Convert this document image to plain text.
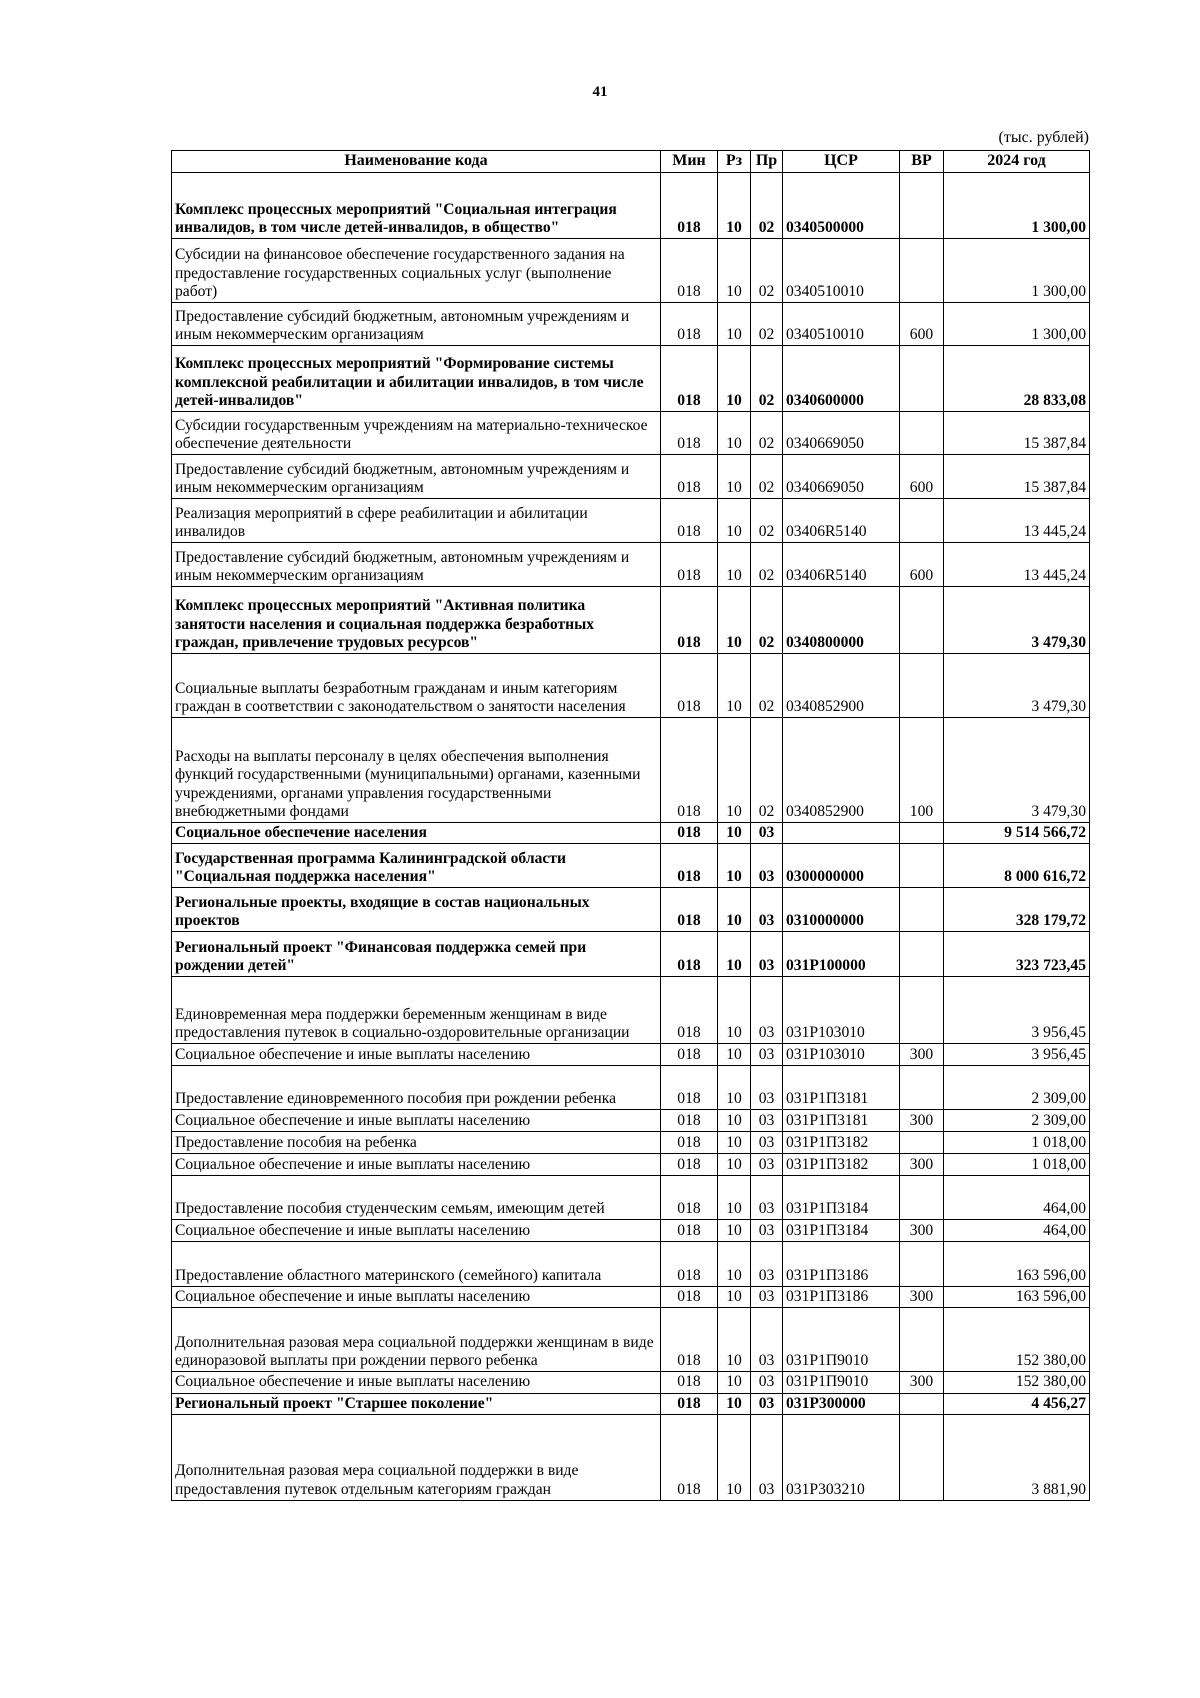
41
(тыс. рублей)
Наименование кода	Мин	Рз	Пр	ЦСР	ВР	2024 год
Комплекс процессных мероприятий "Социальная интеграция инвалидов, в том числе детей-инвалидов, в общество"	018	10	02	0340500000		1 300,00
Субсидии на финансовое обеспечение государственного задания на предоставление государственных социальных услуг (выполнение работ)	018	10	02	0340510010		1 300,00
Предоставление субсидий бюджетным, автономным учреждениям и иным некоммерческим организациям	018	10	02	0340510010	600	1 300,00
Комплекс процессных мероприятий "Формирование системы комплексной реабилитации и абилитации инвалидов, в том числе детей-инвалидов"	018	10	02	0340600000		28 833,08
Субсидии государственным учреждениям на материально-техническое обеспечение деятельности	018	10	02	0340669050		15 387,84
Предоставление субсидий бюджетным, автономным учреждениям и иным некоммерческим организациям	018	10	02	0340669050	600	15 387,84
Реализация мероприятий в сфере реабилитации и абилитации инвалидов	018	10	02	03406R5140		13 445,24
Предоставление субсидий бюджетным, автономным учреждениям и иным некоммерческим организациям	018	10	02	03406R5140	600	13 445,24
Комплекс процессных мероприятий "Активная политика занятости населения и социальная поддержка безработных граждан, привлечение трудовых ресурсов"	018	10	02	0340800000		3 479,30
Социальные выплаты безработным гражданам и иным категориям граждан в соответствии с законодательством о занятости населения	018	10	02	0340852900		3 479,30
Расходы на выплаты персоналу в целях обеспечения выполнения функций государственными (муниципальными) органами, казенными учреждениями, органами управления государственными внебюджетными фондами	018	10	02	0340852900	100	3 479,30
Социальное обеспечение населения	018	10	03			9 514 566,72
Государственная программа Калининградской области "Социальная поддержка населения"	018	10	03	0300000000		8 000 616,72
Региональные проекты, входящие в состав национальных проектов	018	10	03	0310000000		328 179,72
Региональный проект "Финансовая поддержка семей при рождении детей"	018	10	03	031P100000		323 723,45
Единовременная мера поддержки беременным женщинам в виде предоставления путевок в социально-оздоровительные организации	018	10	03	031P103010		3 956,45
Социальное обеспечение и иные выплаты населению	018	10	03	031P103010	300	3 956,45
Предоставление единовременного пособия при рождении ребенка	018	10	03	031P1П3181		2 309,00
Социальное обеспечение и иные выплаты населению	018	10	03	031P1П3181	300	2 309,00
Предоставление пособия на ребенка	018	10	03	031P1П3182		1 018,00
Социальное обеспечение и иные выплаты населению	018	10	03	031P1П3182	300	1 018,00
Предоставление пособия студенческим семьям, имеющим детей	018	10	03	031P1П3184		464,00
Социальное обеспечение и иные выплаты населению	018	10	03	031P1П3184	300	464,00
Предоставление областного материнского (семейного) капитала	018	10	03	031P1П3186		163 596,00
Социальное обеспечение и иные выплаты населению	018	10	03	031P1П3186	300	163 596,00
Дополнительная разовая мера социальной поддержки женщинам в виде единоразовой выплаты при рождении первого ребенка	018	10	03	031P1П9010		152 380,00
Социальное обеспечение и иные выплаты населению	018	10	03	031P1П9010	300	152 380,00
Региональный проект "Старшее поколение"	018	10	03	031P300000		4 456,27
Дополнительная разовая мера социальной поддержки в виде предоставления путевок отдельным категориям граждан	018	10	03	031P303210		3 881,90
